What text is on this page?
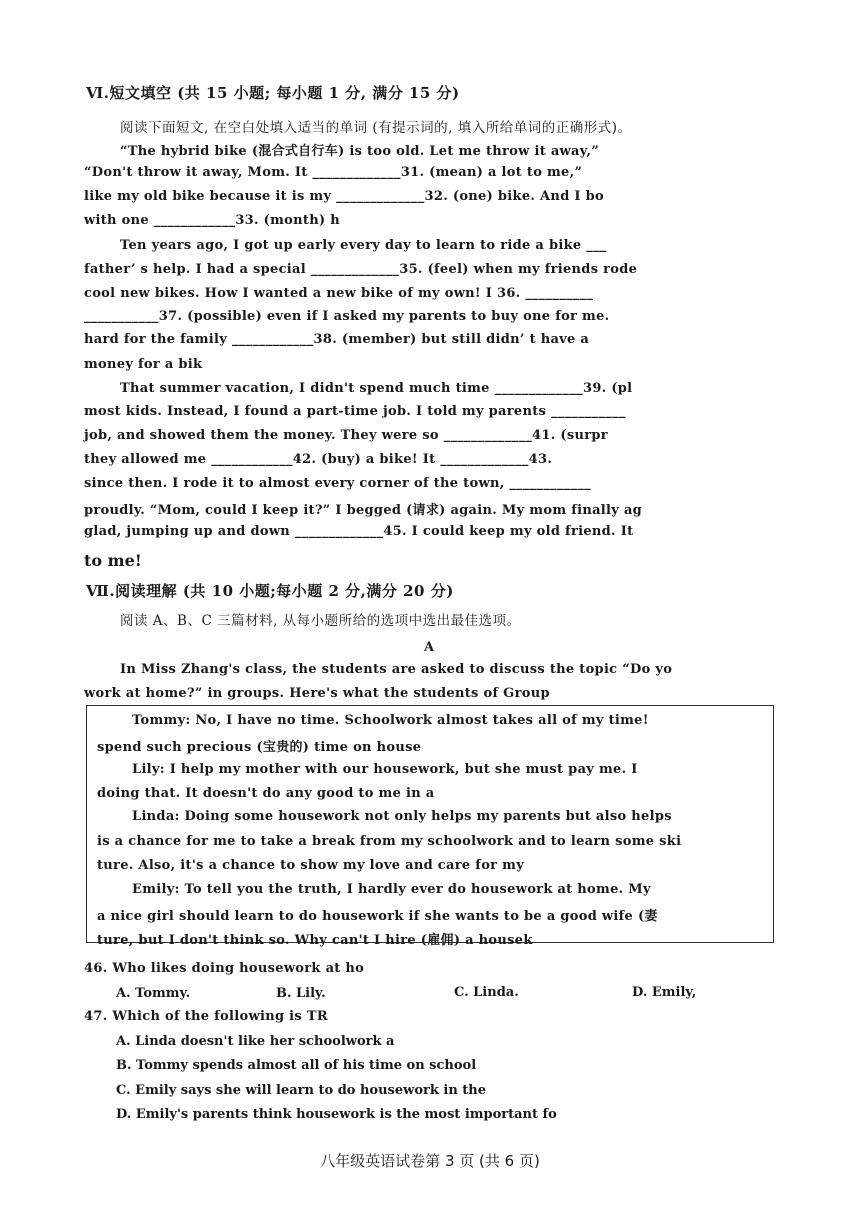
Ⅵ.短文填空 (共 15 小题; 每小题 1 分, 满分 15 分)
阅读下面短文, 在空白处填入适当的单词 (有提示词的, 填入所给单词的正确形式)。
“The hybrid bike (混合式自行车) is too old. Let me throw it away,”
“Don't throw it away, Mom. It _____________31. (mean) a lot to me,”
like my old bike because it is my _____________32. (one) bike. And I bo
with one ____________33. (month) h
Ten years ago, I got up early every day to learn to ride a bike ___
father’ s help. I had a special _____________35. (feel) when my friends rode
cool new bikes. How I wanted a new bike of my own! I 36. __________
___________37. (possible) even if I asked my parents to buy one for me.
hard for the family ____________38. (member) but still didn’ t have a
money for a bik
That summer vacation, I didn't spend much time _____________39. (pl
most kids. Instead, I found a part-time job. I told my parents ___________
job, and showed them the money. They were so _____________41. (surpr
they allowed me ____________42. (buy) a bike! It _____________43.
since then. I rode it to almost every corner of the town, ____________
proudly. “Mom, could I keep it?” I begged (请求) again. My mom finally ag
glad, jumping up and down _____________45. I could keep my old friend. It
to me!
Ⅶ.阅读理解 (共 10 小题;每小题 2 分,满分 20 分)
阅读 A、B、C 三篇材料, 从每小题所给的选项中选出最佳选项。
A
In Miss Zhang's class, the students are asked to discuss the topic “Do yo
work at home?” in groups. Here's what the students of Group
Tommy: No, I have no time. Schoolwork almost takes all of my time!
spend such precious (宝贵的) time on house
Lily: I help my mother with our housework, but she must pay me. I
doing that. It doesn't do any good to me in a
Linda: Doing some housework not only helps my parents but also helps
is a chance for me to take a break from my schoolwork and to learn some ski
ture. Also, it's a chance to show my love and care for my
Emily: To tell you the truth, I hardly ever do housework at home. My
a nice girl should learn to do housework if she wants to be a good wife (妻
ture, but I don't think so. Why can't I hire (雇佣) a housek
46. Who likes doing housework at ho
A. Tommy.	B. Lily.	C. Linda.	D. Emily,
47. Which of the following is TR
A. Linda doesn't like her schoolwork a
B. Tommy spends almost all of his time on school
C. Emily says she will learn to do housework in the
D. Emily's parents think housework is the most important fo
八年级英语试卷第 3 页 (共 6 页)
